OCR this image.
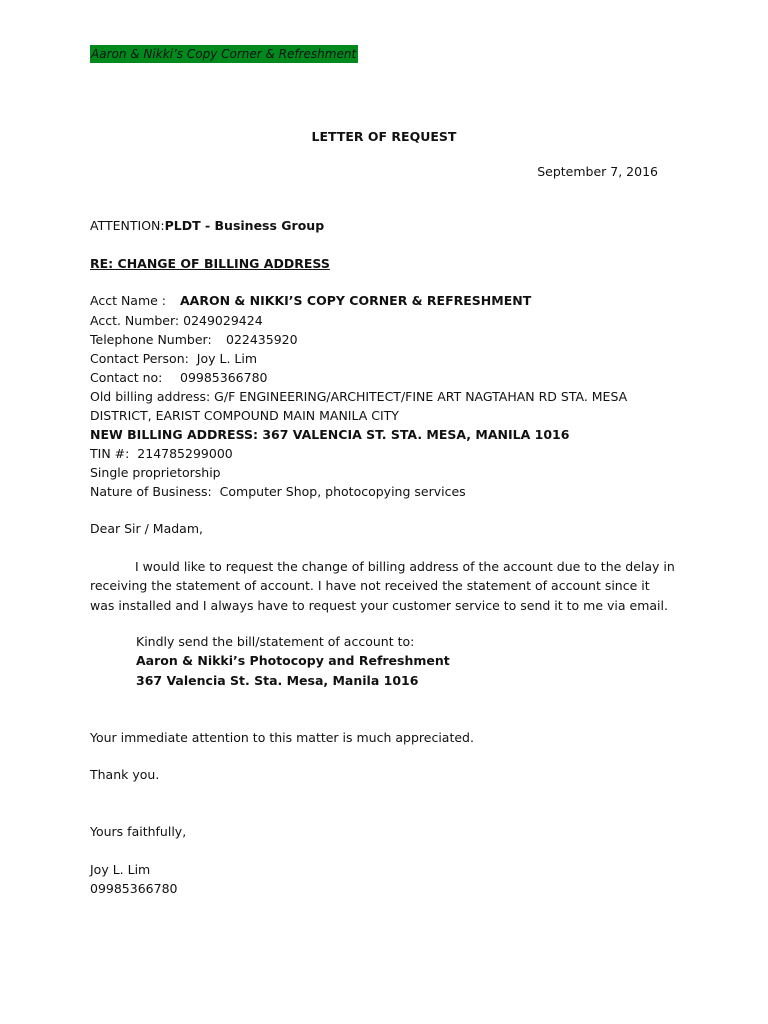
Aaron & Nikki’s Copy Corner & Refreshment
LETTER OF REQUEST
September 7, 2016
ATTENTION:PLDT - Business Group
RE: CHANGE OF BILLING ADDRESS
Acct Name : AARON & NIKKI’S COPY CORNER & REFRESHMENT
Acct. Number: 0249029424
Telephone Number: 022435920
Contact Person: Joy L. Lim
Contact no: 09985366780
Old billing address: G/F ENGINEERING/ARCHITECT/FINE ART NAGTAHAN RD STA. MESA
DISTRICT, EARIST COMPOUND MAIN MANILA CITY
NEW BILLING ADDRESS: 367 VALENCIA ST. STA. MESA, MANILA 1016
TIN #: 214785299000
Single proprietorship
Nature of Business: Computer Shop, photocopying services
Dear Sir / Madam,
I would like to request the change of billing address of the account due to the delay in receiving the statement of account. I have not received the statement of account since it was installed and I always have to request your customer service to send it to me via email.
Kindly send the bill/statement of account to:
Aaron & Nikki’s Photocopy and Refreshment
367 Valencia St. Sta. Mesa, Manila 1016
Your immediate attention to this matter is much appreciated.
Thank you.
Yours faithfully,
Joy L. Lim
09985366780
